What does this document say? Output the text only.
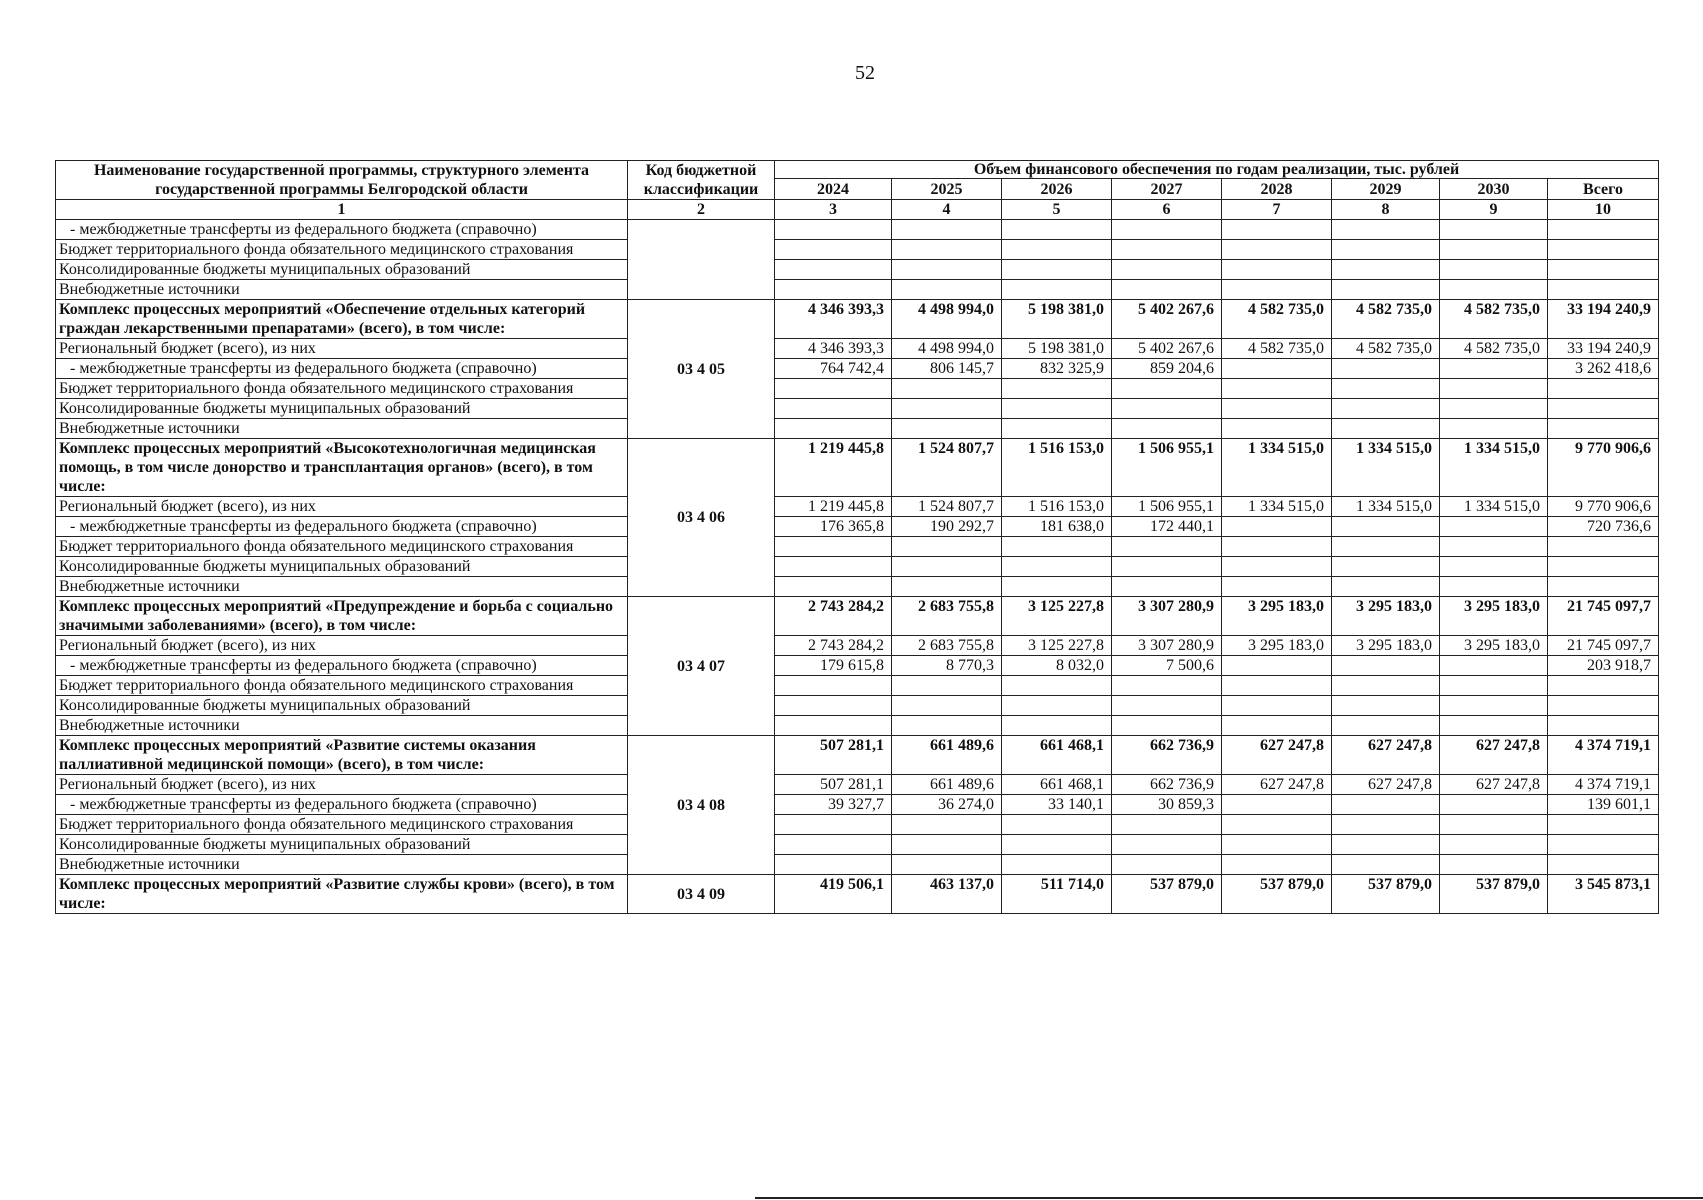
52
Наименование государственной программы, структурного элемента государственной программы Белгородской области	Код бюджетной классификации	Объем финансового обеспечения по годам реализации, тыс. рублей							
		2024	2025	2026	2027	2028	2029	2030	Всего
1	2	3	4	5	6	7	8	9	10
- межбюджетные трансферты из федерального бюджета (справочно)									
Бюджет территориального фонда обязательного медицинского страхования									
Консолидированные бюджеты муниципальных образований									
Внебюджетные источники									
Комплекс процессных мероприятий «Обеспечение отдельных категорий граждан лекарственными препаратами» (всего), в том числе:	03 4 05	4 346 393,3	4 498 994,0	5 198 381,0	5 402 267,6	4 582 735,0	4 582 735,0	4 582 735,0	33 194 240,9
Региональный бюджет (всего), из них		4 346 393,3	4 498 994,0	5 198 381,0	5 402 267,6	4 582 735,0	4 582 735,0	4 582 735,0	33 194 240,9
- межбюджетные трансферты из федерального бюджета (справочно)		764 742,4	806 145,7	832 325,9	859 204,6				3 262 418,6
Бюджет территориального фонда обязательного медицинского страхования									
Консолидированные бюджеты муниципальных образований									
Внебюджетные источники									
Комплекс процессных мероприятий «Высокотехнологичная медицинская помощь, в том числе донорство и трансплантация органов» (всего), в том числе:	03 4 06	1 219 445,8	1 524 807,7	1 516 153,0	1 506 955,1	1 334 515,0	1 334 515,0	1 334 515,0	9 770 906,6
Региональный бюджет (всего), из них		1 219 445,8	1 524 807,7	1 516 153,0	1 506 955,1	1 334 515,0	1 334 515,0	1 334 515,0	9 770 906,6
- межбюджетные трансферты из федерального бюджета (справочно)		176 365,8	190 292,7	181 638,0	172 440,1				720 736,6
Бюджет территориального фонда обязательного медицинского страхования									
Консолидированные бюджеты муниципальных образований									
Внебюджетные источники									
Комплекс процессных мероприятий «Предупреждение и борьба с социально значимыми заболеваниями» (всего), в том числе:	03 4 07	2 743 284,2	2 683 755,8	3 125 227,8	3 307 280,9	3 295 183,0	3 295 183,0	3 295 183,0	21 745 097,7
Региональный бюджет (всего), из них		2 743 284,2	2 683 755,8	3 125 227,8	3 307 280,9	3 295 183,0	3 295 183,0	3 295 183,0	21 745 097,7
- межбюджетные трансферты из федерального бюджета (справочно)		179 615,8	8 770,3	8 032,0	7 500,6				203 918,7
Бюджет территориального фонда обязательного медицинского страхования									
Консолидированные бюджеты муниципальных образований									
Внебюджетные источники									
Комплекс процессных мероприятий «Развитие системы оказания паллиативной медицинской помощи» (всего), в том числе:	03 4 08	507 281,1	661 489,6	661 468,1	662 736,9	627 247,8	627 247,8	627 247,8	4 374 719,1
Региональный бюджет (всего), из них		507 281,1	661 489,6	661 468,1	662 736,9	627 247,8	627 247,8	627 247,8	4 374 719,1
- межбюджетные трансферты из федерального бюджета (справочно)		39 327,7	36 274,0	33 140,1	30 859,3				139 601,1
Бюджет территориального фонда обязательного медицинского страхования									
Консолидированные бюджеты муниципальных образований									
Внебюджетные источники									
Комплекс процессных мероприятий «Развитие службы крови» (всего), в том числе:	03 4 09	419 506,1	463 137,0	511 714,0	537 879,0	537 879,0	537 879,0	537 879,0	3 545 873,1
